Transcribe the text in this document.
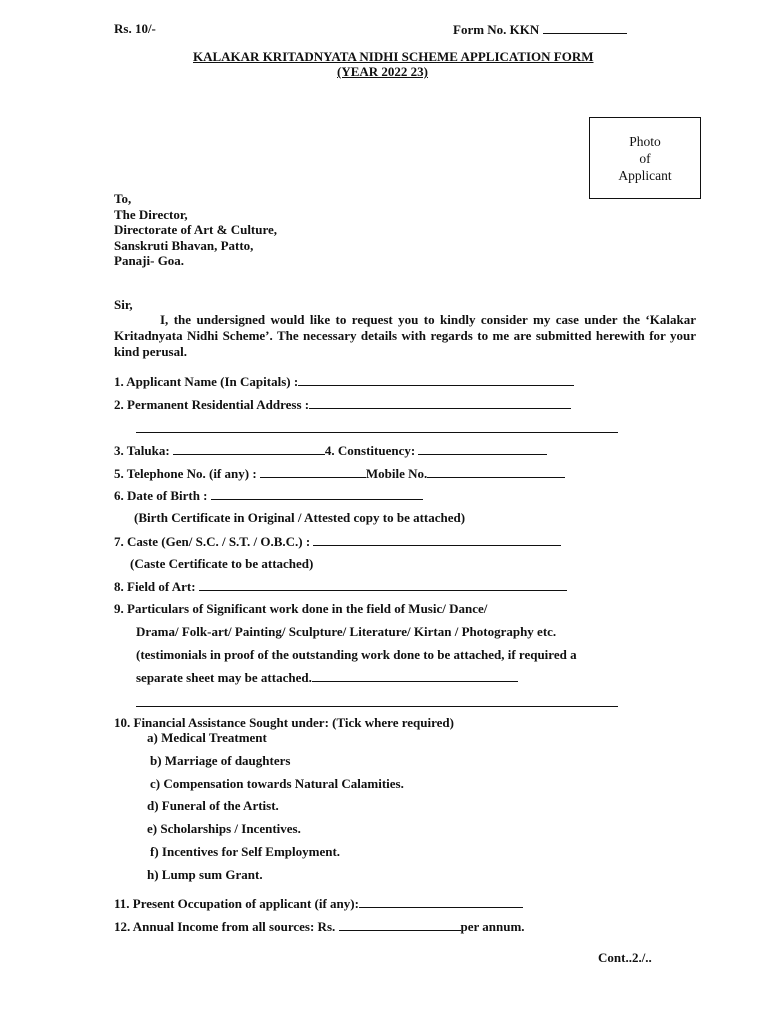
Rs. 10/-	Form No. KKN
KALAKAR KRITADNYATA NIDHI SCHEME APPLICATION FORM
(YEAR 2022 23)
Photo
of
Applicant
To,
The Director,
Directorate of Art & Culture,
Sanskruti Bhavan, Patto,
Panaji- Goa.
Sir,
I, the undersigned would like to request you to kindly consider my case under the ‘Kalakar Kritadnyata Nidhi Scheme’. The necessary details with regards to me are submitted herewith for your kind perusal.
1. Applicant Name (In Capitals) :
2. Permanent Residential Address :
3. Taluka:	4. Constituency:
5. Telephone No. (if any) :	Mobile No.
6. Date of Birth :
(Birth Certificate in Original / Attested copy to be attached)
7. Caste (Gen/ S.C. / S.T. / O.B.C.) :
(Caste Certificate to be attached)
8. Field of Art:
9. Particulars of Significant work done in the field of Music/ Dance/
Drama/ Folk-art/ Painting/ Sculpture/ Literature/ Kirtan / Photography etc.
(testimonials in proof of the outstanding work done to be attached, if required a
separate sheet may be attached.
10. Financial Assistance Sought under: (Tick where required)
a) Medical Treatment
b) Marriage of daughters
c) Compensation towards Natural Calamities.
d) Funeral of the Artist.
e) Scholarships / Incentives.
f) Incentives for Self Employment.
h) Lump sum Grant.
11. Present Occupation of applicant (if any):
12. Annual Income from all sources: Rs.	per annum.
Cont..2./..
